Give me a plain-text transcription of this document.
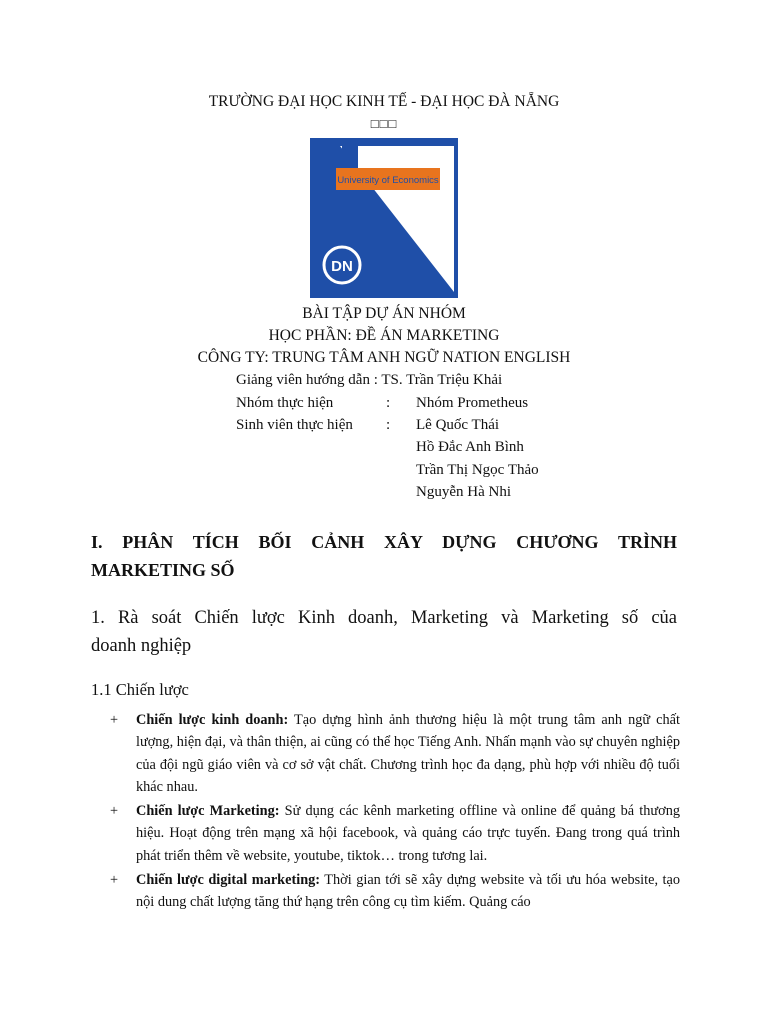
TRƯỜNG ĐẠI HỌC KINH TẾ - ĐẠI HỌC ĐÀ NẴNG
□□□
University of Economics
DN
BÀI TẬP DỰ ÁN NHÓM
HỌC PHẦN: ĐỀ ÁN MARKETING
CÔNG TY: TRUNG TÂM ANH NGỮ NATION ENGLISH
Giảng viên hướng dẫn : TS. Trần Triệu Khải
Nhóm thực hiện	: Nhóm Prometheus
Sinh viên thực hiện : Lê Quốc Thái
Hồ Đắc Anh Bình
Trần Thị Ngọc Thảo
Nguyễn Hà Nhi
I. PHÂN TÍCH BỐI CẢNH XÂY DỰNG CHƯƠNG TRÌNH
MARKETING SỐ
1. Rà soát Chiến lược Kinh doanh, Marketing và Marketing số của
doanh nghiệp
1.1 Chiến lược
+ Chiến lược kinh doanh: Tạo dựng hình ảnh thương hiệu là một trung tâm anh ngữ chất lượng, hiện đại, và thân thiện, ai cũng có thể học Tiếng Anh. Nhấn mạnh vào sự chuyên nghiệp của đội ngũ giáo viên và cơ sở vật chất. Chương trình học đa dạng, phù hợp với nhiều độ tuổi khác nhau.
+ Chiến lược Marketing: Sử dụng các kênh marketing offline và online để quảng bá thương hiệu. Hoạt động trên mạng xã hội facebook, và quảng cáo trực tuyến. Đang trong quá trình phát triển thêm về website, youtube, tiktok… trong tương lai.
+ Chiến lược digital marketing: Thời gian tới sẽ xây dựng website và tối ưu hóa website, tạo nội dung chất lượng tăng thứ hạng trên công cụ tìm kiếm. Quảng cáo
